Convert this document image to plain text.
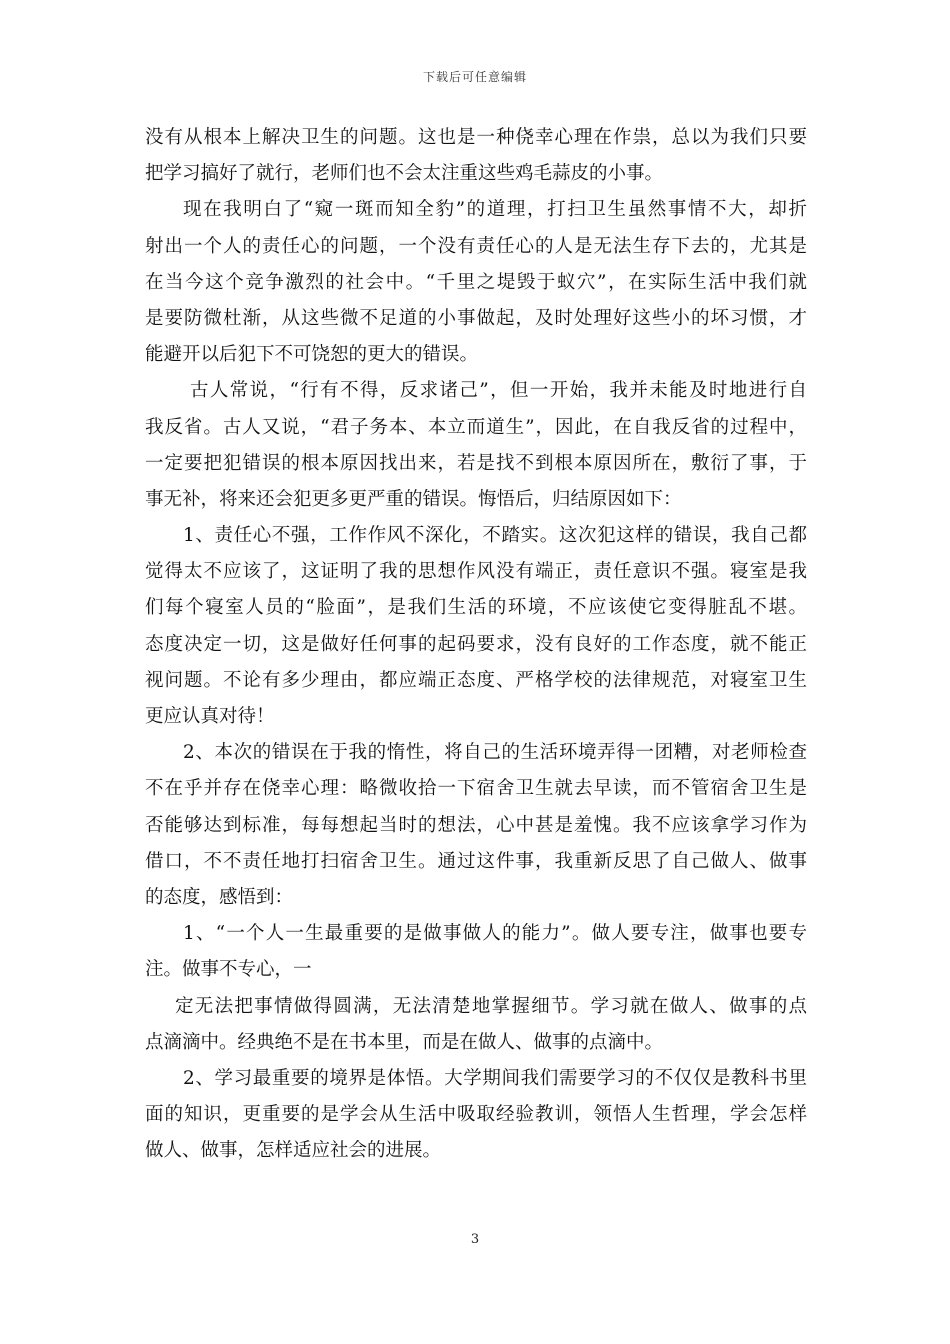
下载后可任意编辑
没有从根本上解决卫生的问题。这也是一种侥幸心理在作祟，总以为我们只要
把学习搞好了就行，老师们也不会太注重这些鸡毛蒜皮的小事。
现在我明白了“窥一斑而知全豹”的道理，打扫卫生虽然事情不大，却折
射出一个人的责任心的问题，一个没有责任心的人是无法生存下去的，尤其是
在当今这个竞争激烈的社会中。“千里之堤毁于蚁穴”，在实际生活中我们就
是要防微杜渐，从这些微不足道的小事做起，及时处理好这些小的坏习惯，才
能避开以后犯下不可饶恕的更大的错误。
古人常说，“行有不得，反求诸己”，但一开始，我并未能及时地进行自
我反省。古人又说，“君子务本、本立而道生”，因此，在自我反省的过程中，
一定要把犯错误的根本原因找出来，若是找不到根本原因所在，敷衍了事，于
事无补，将来还会犯更多更严重的错误。悔悟后，归结原因如下：
1、责任心不强，工作作风不深化，不踏实。这次犯这样的错误，我自己都
觉得太不应该了，这证明了我的思想作风没有端正，责任意识不强。寝室是我
们每个寝室人员的“脸面”，是我们生活的环境，不应该使它变得脏乱不堪。
态度决定一切，这是做好任何事的起码要求，没有良好的工作态度，就不能正
视问题。不论有多少理由，都应端正态度、严格学校的法律规范，对寝室卫生
更应认真对待！
2、本次的错误在于我的惰性，将自己的生活环境弄得一团糟，对老师检查
不在乎并存在侥幸心理：略微收拾一下宿舍卫生就去早读，而不管宿舍卫生是
否能够达到标准，每每想起当时的想法，心中甚是羞愧。我不应该拿学习作为
借口，不不责任地打扫宿舍卫生。通过这件事，我重新反思了自己做人、做事
的态度，感悟到：
1、“一个人一生最重要的是做事做人的能力”。做人要专注，做事也要专
注。做事不专心，一
定无法把事情做得圆满，无法清楚地掌握细节。学习就在做人、做事的点
点滴滴中。经典绝不是在书本里，而是在做人、做事的点滴中。
2、学习最重要的境界是体悟。大学期间我们需要学习的不仅仅是教科书里
面的知识，更重要的是学会从生活中吸取经验教训，领悟人生哲理，学会怎样
做人、做事，怎样适应社会的进展。
3
